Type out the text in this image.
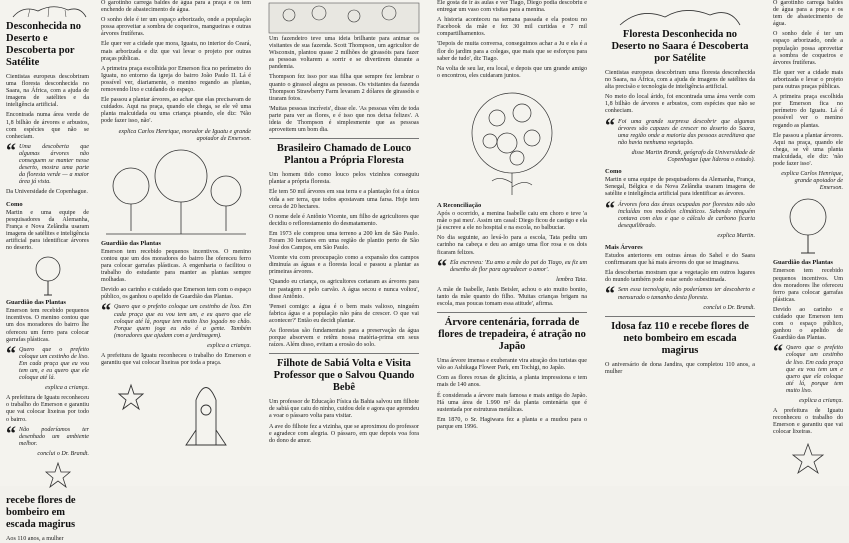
Desconhecida no Deserto e Descoberta por Satélite

Cientistas europeus descobriram uma floresta desconhecida no Saara, na África, com a ajuda de imagens de satélites e da inteligência artificial.

Encontrada numa área verde de 1,8 bilhão de árvores e arbustos, com espécies que não se conheciam.

“ Uma descoberta que algumas árvores não conseguem se manter nesse deserto, mostra uma parte da floresta verde — a maior área já vista.

Da Universidade de Copenhague.

Como

Martin e uma equipe de pesquisadores da Alemanha, França e Nova Zelândia usaram imagens de satélites e inteligência artificial para identificar árvores no deserto.

Guardião das Plantas

Emerson tem recebido pequenos incentivos. O menino contou que um dos moradores do bairro lhe ofereceu um ferro para colocar garrafas plásticas.

“ Quero que o prefeito coloque um cestinho de lixo. Em cada praça que eu vou tem um, e eu quero que ele coloque até lá.

explica a criança.

A prefeitura de Iguatu reconheceu o trabalho do Emerson e garantiu que vai colocar lixeiras por todo o bairro.

“ Não poderíamos ter desenhado um ambiente melhor.

conclui o Dr. Brandt.

recebe flores de bombeiro em escada magirus

Aos 110 anos, a mulher

O garotinho carrega baldes de água para a praça e os tem enchendo de abastecimento de água.

O sonho dele é ter um espaço arborizado, onde a população possa aproveitar a sombra de coqueiros, mangueiras e outras árvores frutíferas.

Ele quer ver a cidade que mora, Iguatu, no interior do Ceará, mais arborizada e diz que vai levar o projeto por outras praças públicas.

A primeira praça escolhida por Emerson fica no perímetro do Iguatu, no entorno da igreja do bairro João Paulo II. Lá é possível ver, diariamente, o menino regando as plantas, removendo lixo e cuidando do espaço.

Ele passou a plantar árvores, ao achar que elas precisavam de cuidados. Aqui na praça, quando ele chega, se ele vê uma planta malcuidada ou uma criança pisando, ele diz: 'Não pode fazer isso, não'.

explica Carlos Henrique, morador de Iguatu e grande apoiador de Emerson.

Guardião das Plantas

Emerson tem recebido pequenos incentivos. O menino contou que um dos moradores do bairro lhe ofereceu ferro para colocar garrafas plásticas. A engenharia o facilitou o trabalho do estudante para manter as plantas sempre molhadas.

Devido ao carinho e cuidado que Emerson tem com o espaço público, os ganhou o apelido de Guardião das Plantas.

“ Quero que o prefeito coloque um cestinho de lixo. Em cada praça que eu vou tem um, e eu quero que ele coloque até lá, porque tem muito lixo jogado no chão. Porque quem joga eu não é a gente. Também (moradores que ajudam com a jardinagem).

explica a criança.

A prefeitura de Iguatu reconheceu o trabalho do Emerson e garantiu que vai colocar lixeiras por toda a praça.

Um fazendeiro teve uma ideia brilhante para animar os visitantes de sua fazenda. Scott Thompson, um agricultor de Wisconsin, plantou quase 2 milhões de girassóis para fazer as pessoas voltarem a sorrir e se divertirem durante a pandemia.

Thompson fez isso por sua filha que sempre fez lembrar o quanto o girassol alegra as pessoas. Os visitantes da fazenda Thompson Strawberry Farm levaram 2 dólares de girassóis e tiraram fotos.

'Muitas pessoas incríveis', disse ele. 'As pessoas vêm de toda parte para ver as flores, e é isso que nos deixa felizes'. A ideia de Thompson é simplesmente que as pessoas aproveitem um bom dia.

Brasileiro Chamado de Louco Plantou a Própria Floresta

Um homem tido como louco pelos vizinhos conseguiu plantar a própria floresta.

Ele tem 50 mil árvores em sua terra e a plantação foi a única vida a ser terra, que todos apostavam uma farsa. Hoje tem cerca de 20 hectares.

O nome dele é Antônio Vicente, um filho de agricultores que decidiu o reflorestamento do desmatamento.

Em 1973 ele comprou uma terreno a 200 km de São Paulo. Foram 30 hectares em uma região de plantio perto de São José dos Campos, em São Paulo.

Vicente viu com preocupação como a expansão dos campos diminuía as águas e a floresta local e passou a plantar as primeiras árvores.

'Quando eu criança, os agricultores cortaram as árvores para ter pastagem e pelo carvão. A água secou e nunca voltou', disse Antônio.

'Pensei comigo: a água é o bem mais valioso, ninguém fabrica água e a população não pára de crescer. O que vai acontecer?' Então eu decidi plantar.

As florestas são fundamentais para a preservação da água porque absorvem e retêm nossa matéria-prima em seus raízes. Além disso, evitam a erosão do solo.

Filhote de Sabiá Volta e Visita Professor que o Salvou Quando Bebê

Um professor de Educação Física da Bahia salvou um filhote de sabiá que caiu do ninho, cuidou dele e agora que aprendeu a voar o pássaro volta para visitar.

A ave do filhote fez a vizinha, que se aproximou do professor e agradece com alegria. O pássaro, em que depois voa fora do dono de amor.

Ele gosta de ir às aulas e ver Tiago, Diego podia descobriu e entregar um vaso com visitas para a menina.

A historia aconteceu na semana passada e ela postou no Facebook da mãe e fez 30 mil curtidas e 7 mil compartilhamentos.

'Depois de muita conversa, conseguimos achar a Ju e ela é a flor do jardim para a colegas, que mais que se esforçou para saber de tudo', diz Tiago.

Na volta de seu lar, era local, e depois que um grande amigo o encontrou, eles cuidaram juntos.

A Reconciliação

Após o ocorrido, a menina Isabelle caiu em choro e teve 'a mãe o pai meu'. Assim um casal: Diego ficou de castigo e ela já escreve a ele no hospital e na escola, no balbuciar.

No dia seguinte, ao levá-lo para a escola, Tata pediu um carinho na cabeça e deu ao amigo uma flor rosa e os dois ficaram felizes.

“ Ela escreveu: 'Eu amo a mãe do pai do Tiago, eu fiz um desenho de flor para agradecer o amor'.

lembra Tata.

A mãe de Isabelle, Janis Beisler, achou o ato muito bonito, tanto da mãe quanto do filho. 'Muitas crianças brigam na escola, mas poucas tomam essa atitude', afirma.

Árvore centenária, forrada de flores de trepadeira, é atração no Japão

Uma árvore imensa e exuberante vira atração dos turistas que vão ao Ashikaga Flower Park, em Tochigi, no Japão.

Com as flores roxas de glicínia, a planta impressiona e tem mais de 140 anos.

É considerada a árvore mais famosa e mais antiga do Japão. Há uma área de 1.990 m² da planta centenária que é sustentada por estruturas metálicas.

Em 1870, o Sr. Hagiwara fez a planta e a mudou para o parque em 1996.

Floresta Desconhecida no Deserto no Saara é Descoberta por Satélite

Cientistas europeus descobriram uma floresta desconhecida no Saara, na África, com a ajuda de imagens de satélites da alta precisão e tecnologia de inteligência artificial.

No meio do local árido, foi encontrada uma área verde com 1,8 bilhão de árvores e arbustos, com espécies que não se conheciam.

“ Foi uma grande surpresa descobrir que algumas árvores são capazes de crescer no deserto do Saara, uma região onde a maioria das pessoas acreditava que não havia nenhuma vegetação.

disse Martin Brandt, geógrafo da Universidade de Copenhague (que liderou o estudo).

Como

Martin e uma equipe de pesquisadores da Alemanha, França, Senegal, Bélgica e da Nova Zelândia usaram imagens de satélite e inteligência artificial para identificar as árvores.

“ Árvores fora das áreas ocupadas por florestas não são incluídas nos modelos climáticos. Sabendo ninguém contava com elas e que o cálculo de carbono ficaria desequilibrado.

explica Martin.

Mais Árvores

Estudos anteriores em outras áreas do Sahel e do Saara confirmaram que há mais árvores do que se imaginava.

Ela descobertas mostram que a vegetação em outros lugares do mundo também pode estar sendo subestimada.

“ Sem essa tecnologia, não poderíamos ter descoberto e mensurado o tamanho desta floresta.

conclui o Dr. Brandt.

Idosa faz 110 e recebe flores de neto bombeiro em escada magirus

O aniversário de dona Jandira, que completou 110 anos, a mulher

O garotinho carrega baldes de água para a praça e os tem de abastecimento de água.

O sonho dele é ter um espaço arborizado, onde a população possa aproveitar a sombra de coqueiros e árvores frutíferas.

Ele quer ver a cidade mais arborizada e levar o projeto para outras praças públicas.

A primeira praça escolhida por Emerson fica no perímetro do Iguatu. Lá é possível ver o menino regando as plantas.

Ele passou a plantar árvores. Aqui na praça, quando ele chega, se vê uma planta malcuidada, ele diz: 'não pode fazer isso'.

explica Carlos Henrique, grande apoiador de Emerson.

Guardião das Plantas

Emerson tem recebido pequenos incentivos. Um dos moradores lhe ofereceu ferro para colocar garrafas plásticas.

Devido ao carinho e cuidado que Emerson tem com o espaço público, ganhou o apelido de Guardião das Plantas.

“ Quero que o prefeito coloque um cestinho de lixo. Em cada praça que eu vou tem um e quero que ele coloque até lá, porque tem muito lixo.

explica a criança.

A prefeitura de Iguatu reconheceu o trabalho do Emerson e garantiu que vai colocar lixeiras.
